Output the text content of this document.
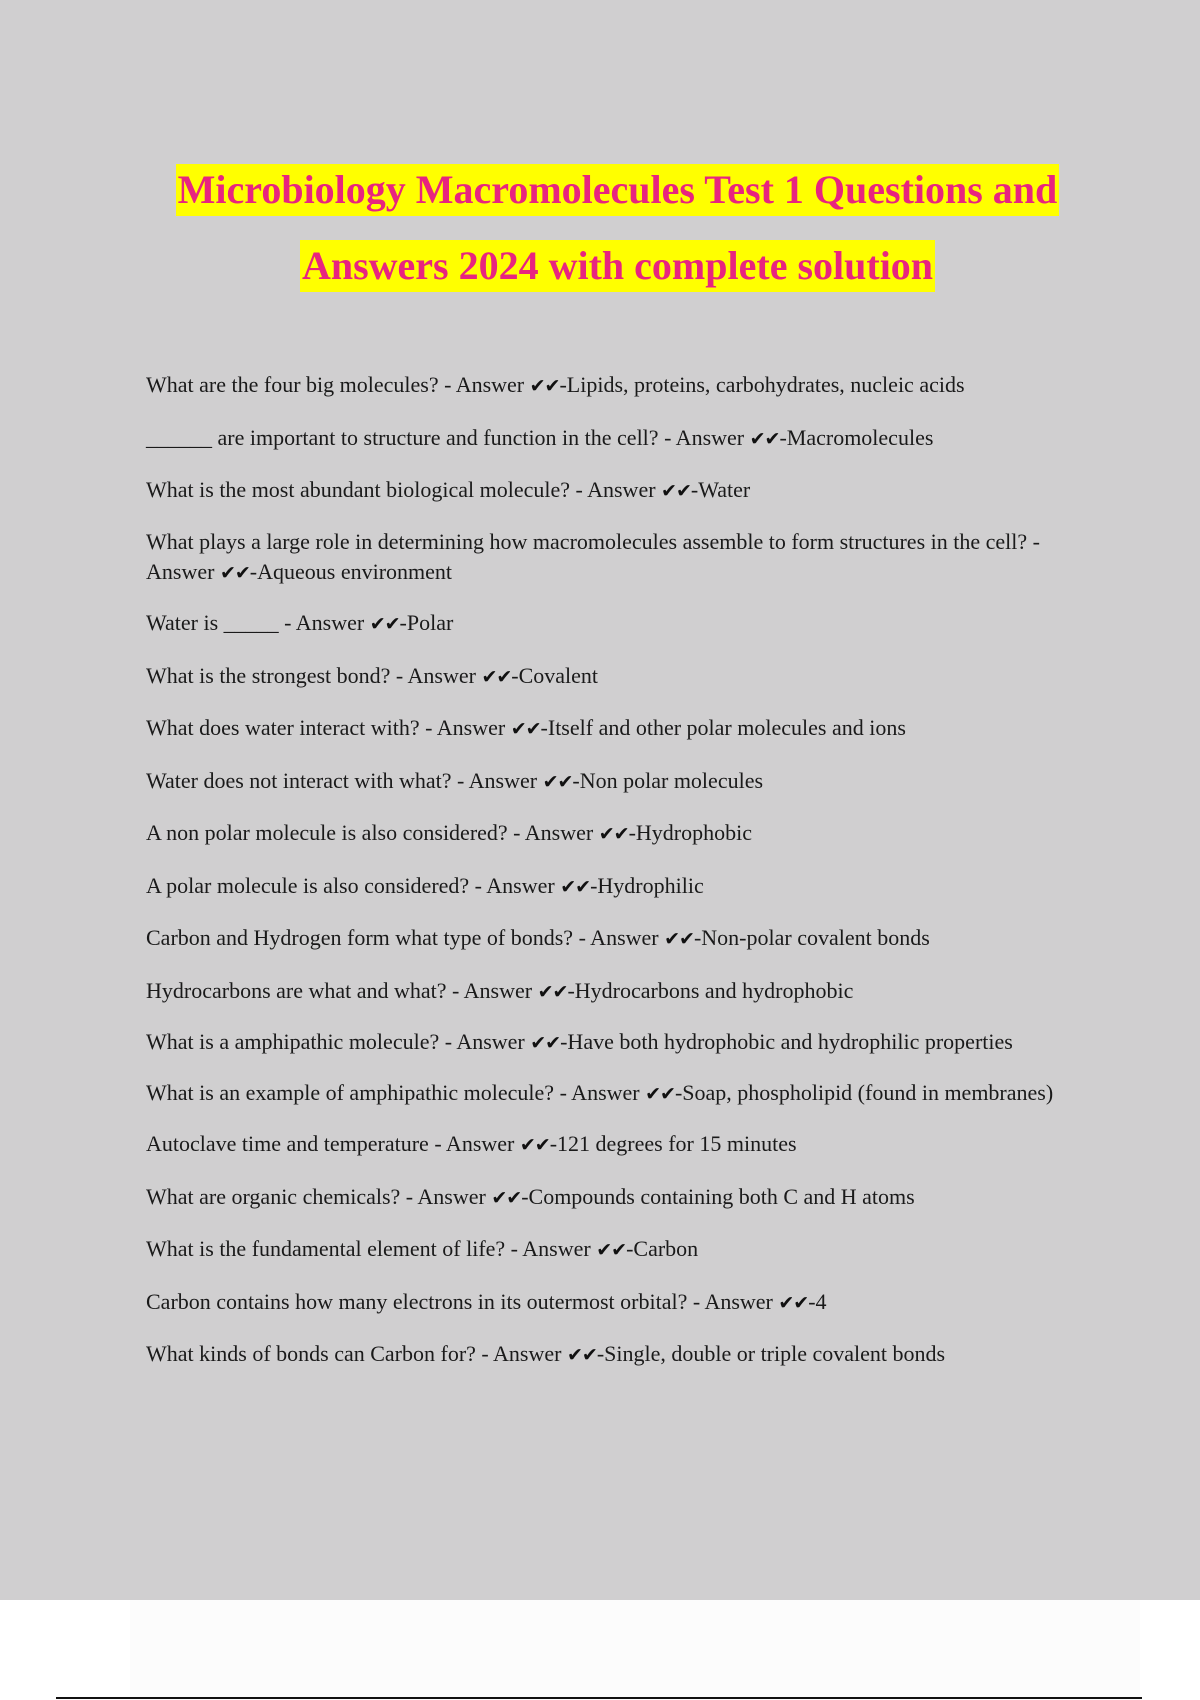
Microbiology Macromolecules Test 1 Questions and
Answers 2024 with complete solution
What are the four big molecules? - Answer ✔✔-Lipids, proteins, carbohydrates, nucleic acids
______ are important to structure and function in the cell? - Answer ✔✔-Macromolecules
What is the most abundant biological molecule? - Answer ✔✔-Water
What plays a large role in determining how macromolecules assemble to form structures in the cell? - Answer ✔✔-Aqueous environment
Water is _____ - Answer ✔✔-Polar
What is the strongest bond? - Answer ✔✔-Covalent
What does water interact with? - Answer ✔✔-Itself and other polar molecules and ions
Water does not interact with what? - Answer ✔✔-Non polar molecules
A non polar molecule is also considered? - Answer ✔✔-Hydrophobic
A polar molecule is also considered? - Answer ✔✔-Hydrophilic
Carbon and Hydrogen form what type of bonds? - Answer ✔✔-Non-polar covalent bonds
Hydrocarbons are what and what? - Answer ✔✔-Hydrocarbons and hydrophobic
What is a amphipathic molecule? - Answer ✔✔-Have both hydrophobic and hydrophilic properties
What is an example of amphipathic molecule? - Answer ✔✔-Soap, phospholipid (found in membranes)
Autoclave time and temperature - Answer ✔✔-121 degrees for 15 minutes
What are organic chemicals? - Answer ✔✔-Compounds containing both C and H atoms
What is the fundamental element of life? - Answer ✔✔-Carbon
Carbon contains how many electrons in its outermost orbital? - Answer ✔✔-4
What kinds of bonds can Carbon for? - Answer ✔✔-Single, double or triple covalent bonds
